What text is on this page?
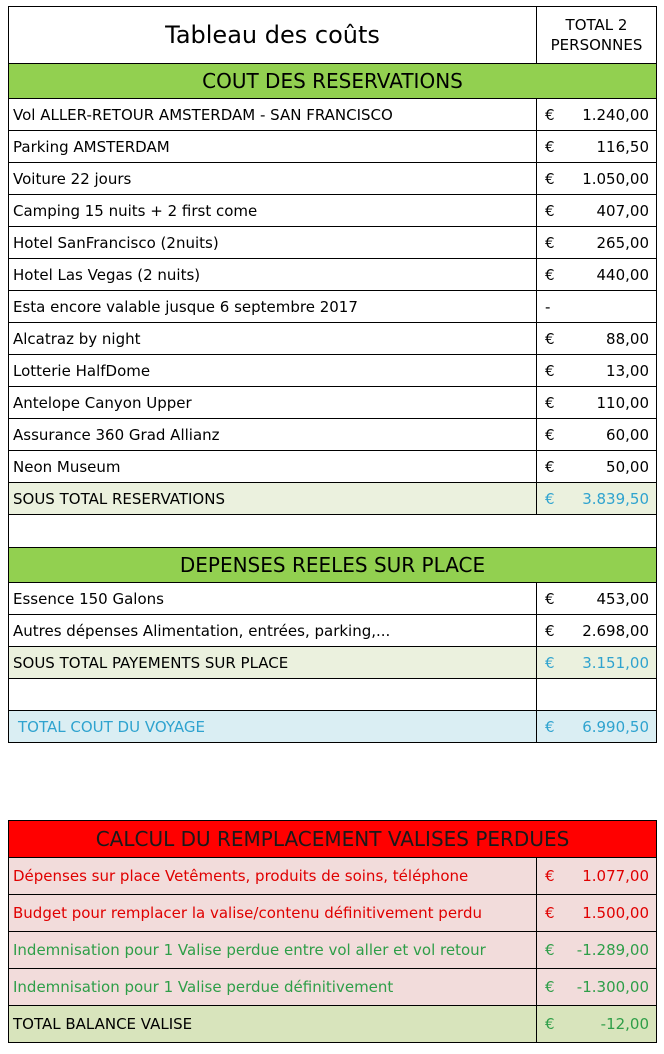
Tableau des coûts	TOTAL 2
PERSONNES

COUT DES RESERVATIONS	
Vol ALLER-RETOUR AMSTERDAM - SAN FRANCISCO	€ 1.240,00

Parking AMSTERDAM	€ 116,50

Voiture 22 jours	€ 1.050,00

Camping 15 nuits + 2 first come	€ 407,00

Hotel SanFrancisco (2nuits)	€ 265,00

Hotel Las Vegas (2 nuits)	€ 440,00

Esta encore valable jusque 6 septembre 2017	-

Alcatraz by night	€ 88,00

Lotterie HalfDome	€ 13,00

Antelope Canyon Upper	€ 110,00

Assurance 360 Grad Allianz	€ 60,00

Neon Museum	€ 50,00

SOUS TOTAL RESERVATIONS	€ 3.839,50

DEPENSES REELES SUR PLACE	
Essence 150 Galons	€ 453,00

Autres dépenses Alimentation, entrées, parking,...	€ 2.698,00

SOUS TOTAL PAYEMENTS SUR PLACE	€ 3.151,00

TOTAL COUT DU VOYAGE	€ 6.990,50
CALCUL DU REMPLACEMENT VALISES PERDUES	
Dépenses sur place Vetêments, produits de soins, téléphone	€ 1.077,00

Budget pour remplacer la valise/contenu définitivement perdu	€ 1.500,00

Indemnisation pour 1 Valise perdue entre vol aller et vol retour	€ -1.289,00

Indemnisation pour 1 Valise perdue définitivement	€ -1.300,00

TOTAL BALANCE VALISE	€ -12,00
